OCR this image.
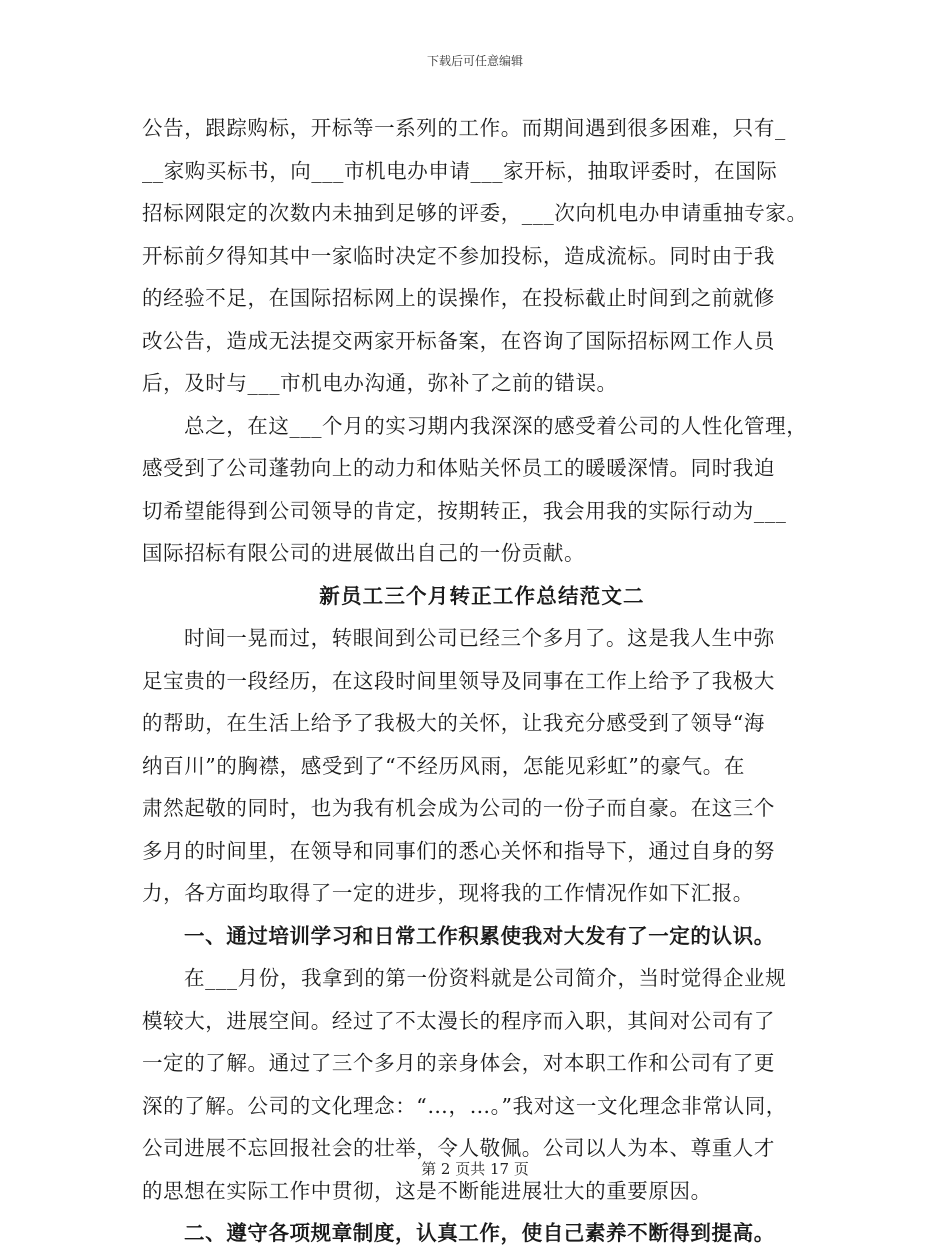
下载后可任意编辑
公告，跟踪购标，开标等一系列的工作。而期间遇到很多困难，只有_
__家购买标书，向___市机电办申请___家开标，抽取评委时，在国际
招标网限定的次数内未抽到足够的评委，___次向机电办申请重抽专家。
开标前夕得知其中一家临时决定不参加投标，造成流标。同时由于我
的经验不足，在国际招标网上的误操作，在投标截止时间到之前就修
改公告，造成无法提交两家开标备案，在咨询了国际招标网工作人员
后，及时与___市机电办沟通，弥补了之前的错误。
总之，在这___个月的实习期内我深深的感受着公司的人性化管理，
感受到了公司蓬勃向上的动力和体贴关怀员工的暖暖深情。同时我迫
切希望能得到公司领导的肯定，按期转正，我会用我的实际行动为___
国际招标有限公司的进展做出自己的一份贡献。
新员工三个月转正工作总结范文二
时间一晃而过，转眼间到公司已经三个多月了。这是我人生中弥
足宝贵的一段经历，在这段时间里领导及同事在工作上给予了我极大
的帮助，在生活上给予了我极大的关怀，让我充分感受到了领导“海
纳百川”的胸襟，感受到了“不经历风雨，怎能见彩虹”的豪气。在
肃然起敬的同时，也为我有机会成为公司的一份子而自豪。在这三个
多月的时间里，在领导和同事们的悉心关怀和指导下，通过自身的努
力，各方面均取得了一定的进步，现将我的工作情况作如下汇报。
一、通过培训学习和日常工作积累使我对大发有了一定的认识。
在___月份，我拿到的第一份资料就是公司简介，当时觉得企业规
模较大，进展空间。经过了不太漫长的程序而入职，其间对公司有了
一定的了解。通过了三个多月的亲身体会，对本职工作和公司有了更
深的了解。公司的文化理念：“…，…。”我对这一文化理念非常认同，
公司进展不忘回报社会的壮举，令人敬佩。公司以人为本、尊重人才
的思想在实际工作中贯彻，这是不断能进展壮大的重要原因。
二、遵守各项规章制度，认真工作，使自己素养不断得到提高。
第 2 页共 17 页
